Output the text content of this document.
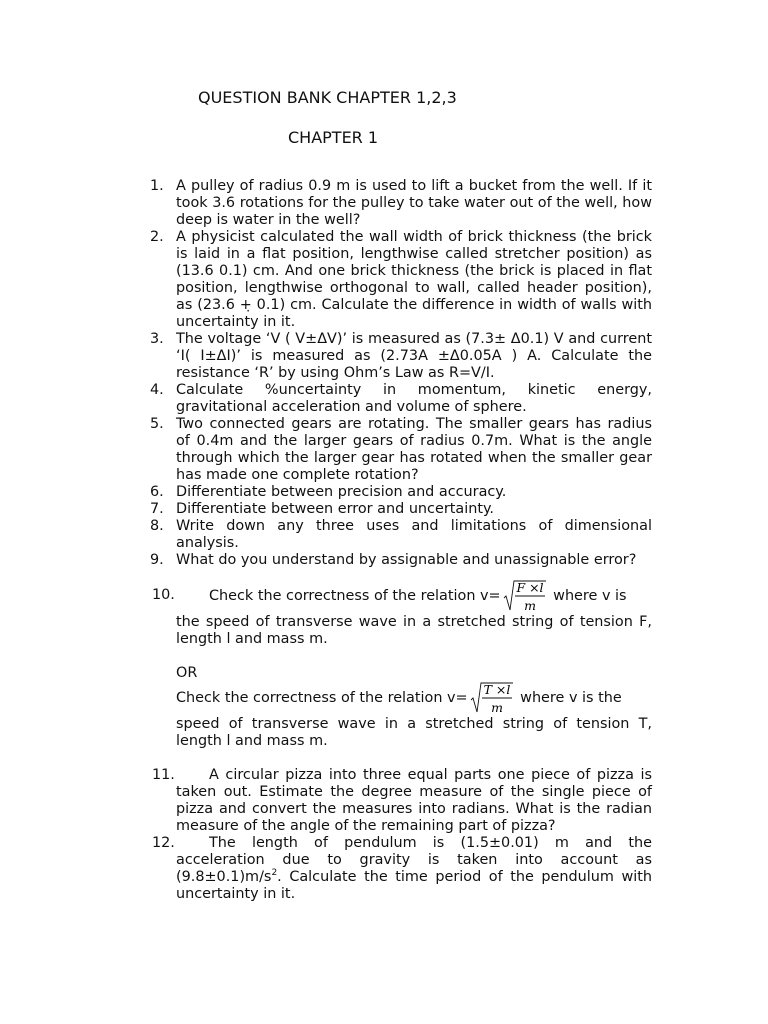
QUESTION BANK CHAPTER 1,2,3
CHAPTER 1
1. A pulley of radius 0.9 m is used to lift a bucket from the well. If it took 3.6 rotations for the pulley to take water out of the well, how deep is water in the well?
2. A physicist calculated the wall width of brick thickness (the brick is laid in a flat position, lengthwise called stretcher position) as (13.6 0.1) cm. And one brick thickness (the brick is placed in flat position, lengthwise orthogonal to wall, called header position), as (23.6 +̣ 0.1) cm. Calculate the difference in width of walls with uncertainty in it.
3. The voltage ‘V ( V±ΔV)’ is measured as (7.3± Δ0.1) V and current ‘I( I±ΔI)’ is measured as (2.73A ±Δ0.05A ) A. Calculate the resistance ‘R’ by using Ohm’s Law as R=V/I.
4. Calculate %uncertainty in momentum, kinetic energy, gravitational acceleration and volume of sphere.
5. Two connected gears are rotating. The smaller gears has radius of 0.4m and the larger gears of radius 0.7m. What is the angle through which the larger gear has rotated when the smaller gear has made one complete rotation?
6. Differentiate between precision and accuracy.
7. Differentiate between error and uncertainty.
8. Write down any three uses and limitations of dimensional analysis.
9. What do you understand by assignable and unassignable error?
10.	Check the correctness of the relation v=
F ×l
m
where v is
the speed of transverse wave in a stretched string of tension F, length l and mass m.
OR
Check the correctness of the relation v=
T ×l
m
where v is the
speed of transverse wave in a stretched string of tension T, length l and mass m.
11.	A circular pizza into three equal parts one piece of pizza is taken out. Estimate the degree measure of the single piece of pizza and convert the measures into radians. What is the radian measure of the angle of the remaining part of pizza?
12.	The length of pendulum is (1.5±0.01) m and the acceleration due to gravity is taken into account as $(9.8\pm 0.1)m/s^2$. Calculate the time period of the pendulum with uncertainty in it.
